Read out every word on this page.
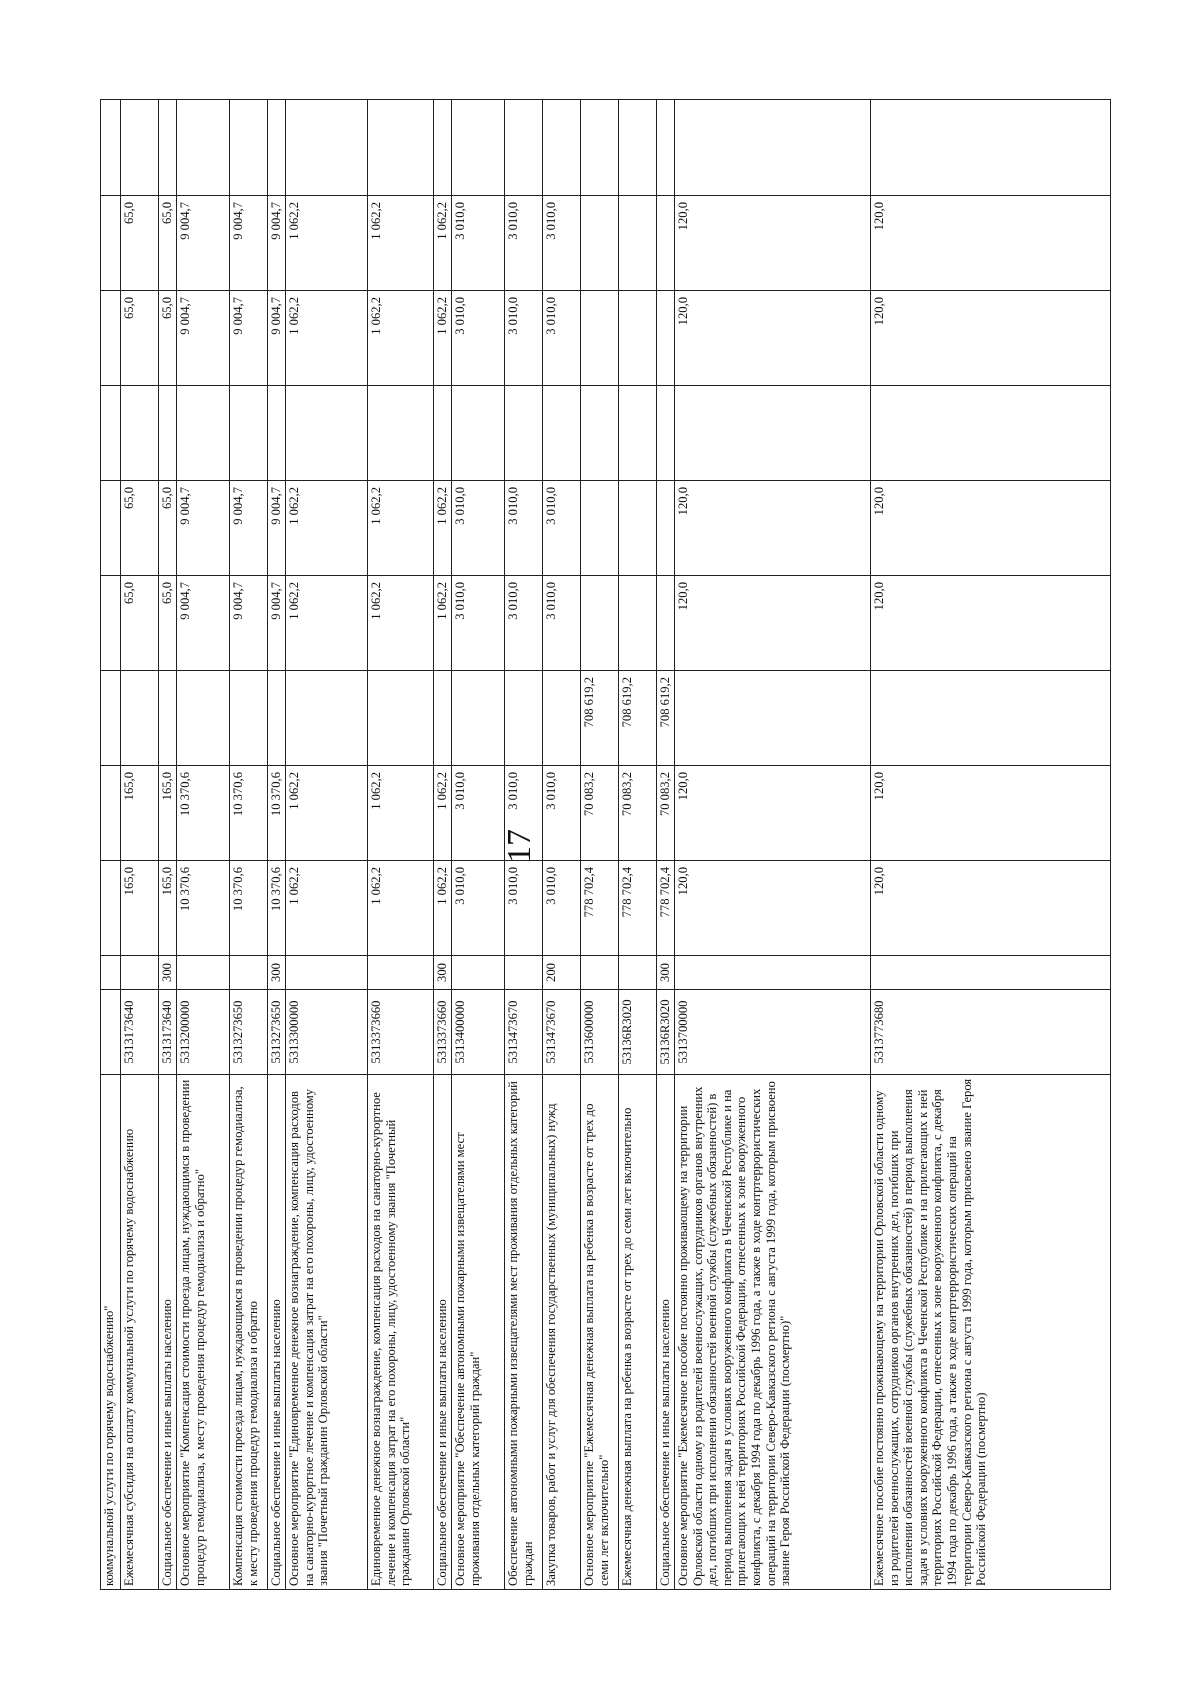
17
коммунальной услуги по горячему водоснабжению"											
Ежемесячная субсидия на оплату коммунальной услуги по горячему водоснабжению	5313173640		165,0	165,0		65,0	65,0		65,0	65,0	
Социальное обеспечение и иные выплаты населению	5313173640	300	165,0	165,0		65,0	65,0		65,0	65,0	
Основное мероприятие "Компенсация стоимости проезда лицам, нуждающимся в проведении процедур гемодиализа, к месту проведения процедур гемодиализа и обратно"	5313200000		10 370,6	10 370,6		9 004,7	9 004,7		9 004,7	9 004,7	
Компенсация стоимости проезда лицам, нуждающимся в проведении процедур гемодиализа, к месту проведения процедур гемодиализа и обратно	5313273650		10 370,6	10 370,6		9 004,7	9 004,7		9 004,7	9 004,7	
Социальное обеспечение и иные выплаты населению	5313273650	300	10 370,6	10 370,6		9 004,7	9 004,7		9 004,7	9 004,7	
Основное мероприятие "Единовременное денежное вознаграждение, компенсация расходов на санаторно-курортное лечение и компенсация затрат на его похороны, лицу, удостоенному звания "Почетный гражданин Орловской области"	5313300000		1 062,2	1 062,2		1 062,2	1 062,2		1 062,2	1 062,2	
Единовременное денежное вознаграждение, компенсация расходов на санаторно-курортное лечение и компенсация затрат на его похороны, лицу, удостоенному звания "Почетный гражданин Орловской области"	5313373660		1 062,2	1 062,2		1 062,2	1 062,2		1 062,2	1 062,2	
Социальное обеспечение и иные выплаты населению	5313373660	300	1 062,2	1 062,2		1 062,2	1 062,2		1 062,2	1 062,2	
Основное мероприятие "Обеспечение автономными пожарными извещателями мест проживания отдельных категорий граждан"	5313400000		3 010,0	3 010,0		3 010,0	3 010,0		3 010,0	3 010,0	
Обеспечение автономными пожарными извещателями мест проживания отдельных категорий граждан	5313473670		3 010,0	3 010,0		3 010,0	3 010,0		3 010,0	3 010,0	
Закупка товаров, работ и услуг для обеспечения государственных (муниципальных) нужд	5313473670	200	3 010,0	3 010,0		3 010,0	3 010,0		3 010,0	3 010,0	
Основное мероприятие "Ежемесячная денежная выплата на ребенка в возрасте от трех до семи лет включительно"	5313600000		778 702,4	70 083,2	708 619,2						
Ежемесячная денежная выплата на ребенка в возрасте от трех до семи лет включительно	53136R3020		778 702,4	70 083,2	708 619,2						
Социальное обеспечение и иные выплаты населению	53136R3020	300	778 702,4	70 083,2	708 619,2						
Основное мероприятие "Ежемесячное пособие постоянно проживающему на территории Орловской области одному из родителей военнослужащих, сотрудников органов внутренних дел, погибших при исполнении обязанностей военной службы (служебных обязанностей) в период выполнения задач в условиях вооруженного конфликта в Чеченской Республике и на прилегающих к ней территориях Российской Федерации, отнесенных к зоне вооруженного конфликта, с декабря 1994 года по декабрь 1996 года, а также в ходе контртеррористических операций на территории Северо-Кавказского региона с августа 1999 года, которым присвоено звание Героя Российской Федерации (посмертно)"	5313700000		120,0	120,0		120,0	120,0		120,0	120,0	
Ежемесячное пособие постоянно проживающему на территории Орловской области одному из родителей военнослужащих, сотрудников органов внутренних дел, погибших при исполнении обязанностей военной службы (служебных обязанностей) в период выполнения задач в условиях вооруженного конфликта в Чеченской Республике и на прилегающих к ней территориях Российской Федерации, отнесенных к зоне вооруженного конфликта, с декабря 1994 года по декабрь 1996 года, а также в ходе контртеррористических операций на территории Северо-Кавказского региона с августа 1999 года, которым присвоено звание Героя Российской Федерации (посмертно)	5313773680		120,0	120,0		120,0	120,0		120,0	120,0	
